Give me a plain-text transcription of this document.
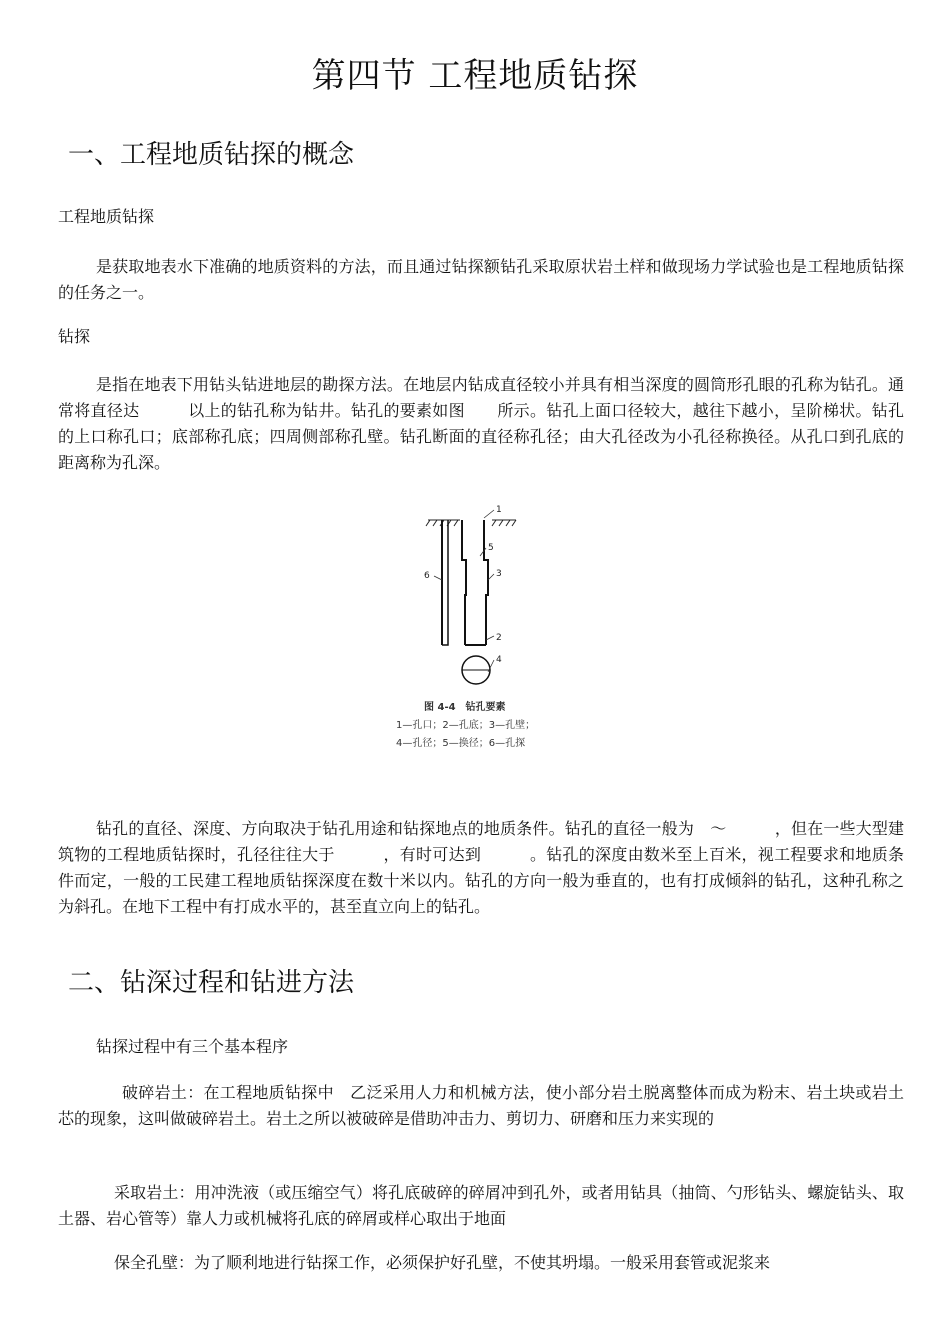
第四节 工程地质钻探
一、工程地质钻探的概念

工程地质钻探

是获取地表水下准确的地质资料的方法，而且通过钻探额钻孔采取原状岩土样和做现场力学试验也是工程地质钻探的任务之一。

钻探

是指在地表下用钻头钻进地层的勘探方法。在地层内钻成直径较小并具有相当深度的圆筒形孔眼的孔称为钻孔。通常将直径达　　　以上的钻孔称为钻井。钻孔的要素如图　　所示。钻孔上面口径较大，越往下越小，呈阶梯状。钻孔的上口称孔口；底部称孔底；四周侧部称孔壁。钻孔断面的直径称孔径；由大孔径改为小孔径称换径。从孔口到孔底的距离称为孔深。

1
2
3
4
5
6
图 4-4　钻孔要素
1—孔口；2—孔底；3—孔壁；
4—孔径；5—换径；6—孔探

钻孔的直径、深度、方向取决于钻孔用途和钻探地点的地质条件。钻孔的直径一般为　～　　　，但在一些大型建筑物的工程地质钻探时，孔径往往大于　　　，有时可达到　　　。钻孔的深度由数米至上百米，视工程要求和地质条件而定，一般的工民建工程地质钻探深度在数十米以内。钻孔的方向一般为垂直的，也有打成倾斜的钻孔，这种孔称之为斜孔。在地下工程中有打成水平的，甚至直立向上的钻孔。

二、钻深过程和钻进方法

钻探过程中有三个基本程序

破碎岩土：在工程地质钻探中　乙泛采用人力和机械方法，使小部分岩土脱离整体而成为粉末、岩土块或岩土芯的现象，这叫做破碎岩土。岩土之所以被破碎是借助冲击力、剪切力、研磨和压力来实现的

采取岩土：用冲洗液（或压缩空气）将孔底破碎的碎屑冲到孔外，或者用钻具（抽筒、勺形钻头、螺旋钻头、取土器、岩心管等）靠人力或机械将孔底的碎屑或样心取出于地面

保全孔壁：为了顺利地进行钻探工作，必须保护好孔壁，不使其坍塌。一般采用套管或泥浆来
